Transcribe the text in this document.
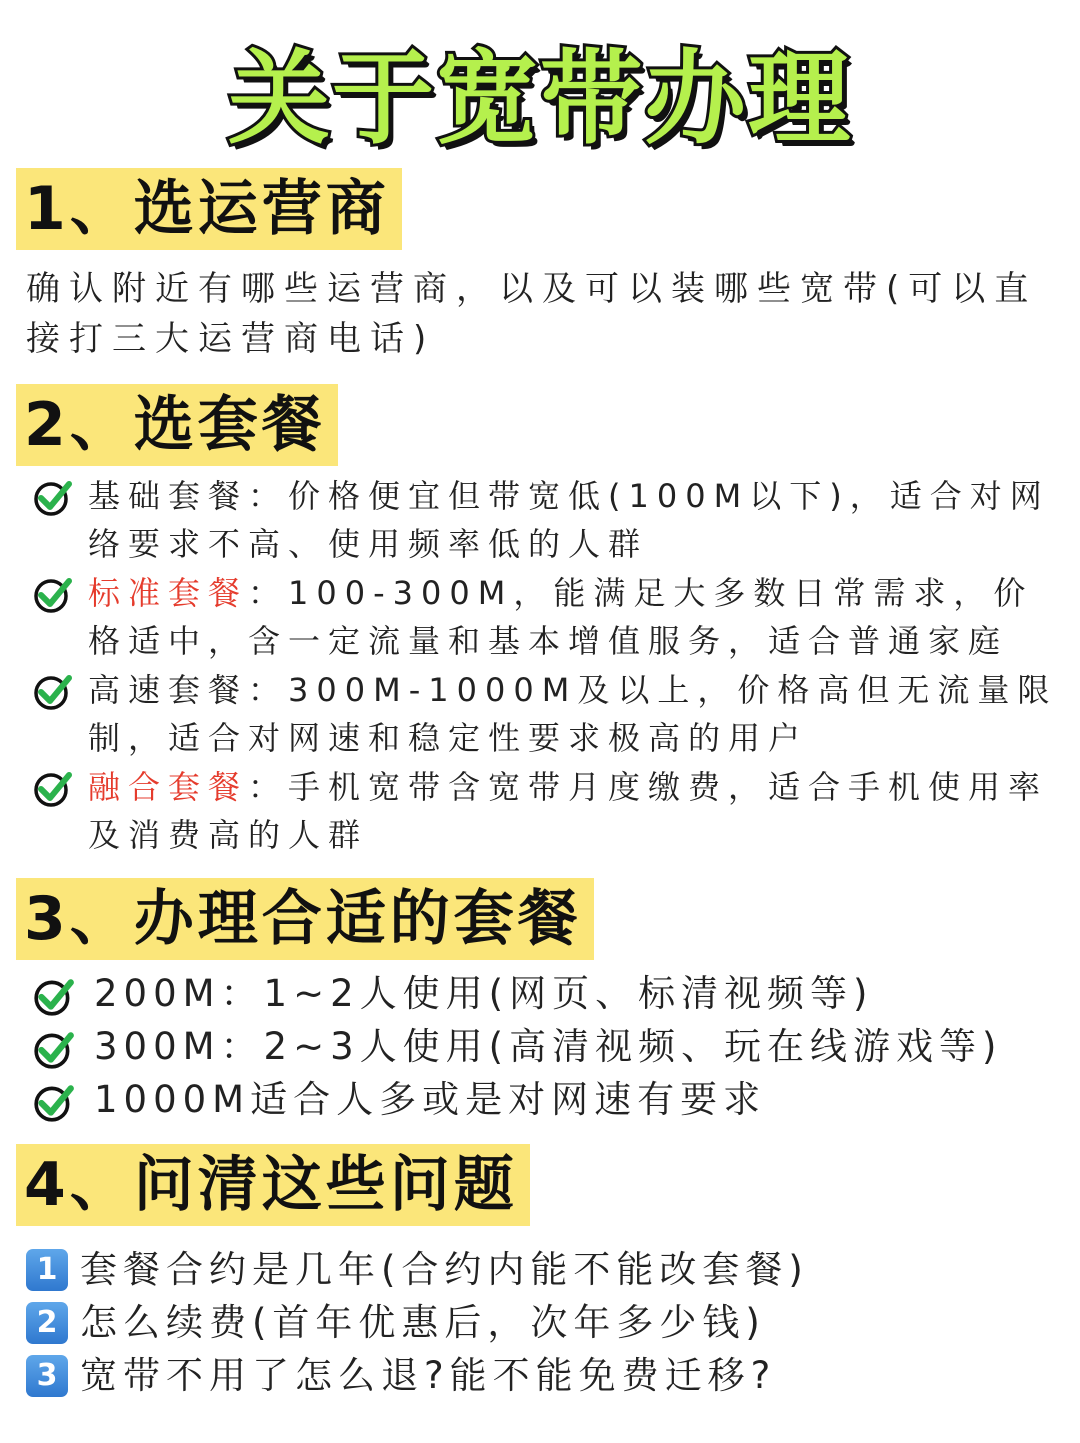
关于宽带办理
1、选运营商
确认附近有哪些运营商，以及可以装哪些宽带(可以直接打三大运营商电话)
2、选套餐
基础套餐：价格便宜但带宽低(100M以下)，适合对网络要求不高、使用频率低的人群
标准套餐：100-300M，能满足大多数日常需求，价格适中，含一定流量和基本增值服务，适合普通家庭
高速套餐：300M-1000M及以上，价格高但无流量限制，适合对网速和稳定性要求极高的用户
融合套餐：手机宽带含宽带月度缴费，适合手机使用率及消费高的人群
3、办理合适的套餐
200M：1~2人使用(网页、标清视频等)
300M：2~3人使用(高清视频、玩在线游戏等)
1000M适合人多或是对网速有要求
4、问清这些问题
1 套餐合约是几年(合约内能不能改套餐)
2 怎么续费(首年优惠后，次年多少钱)
3 宽带不用了怎么退?能不能免费迁移?
